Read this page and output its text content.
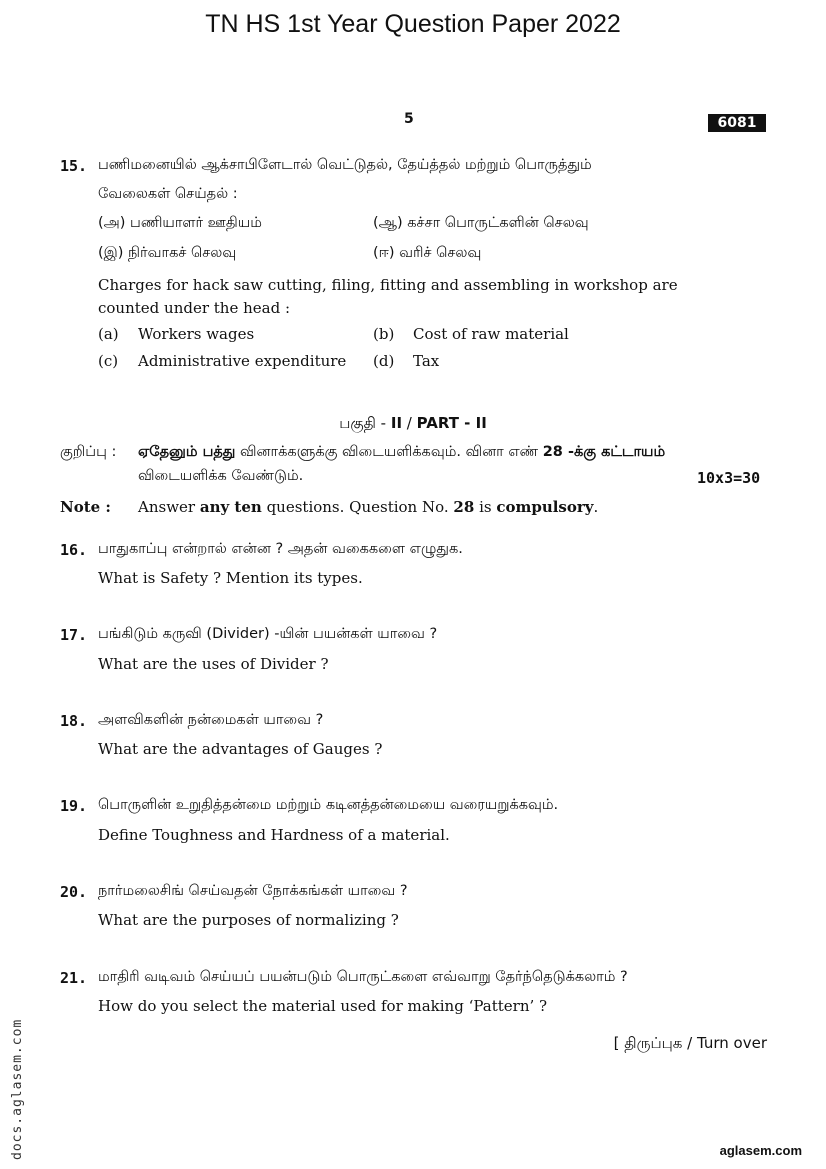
TN HS 1st Year Question Paper 2022
5	6081
15. பணிமனையில் ஆக்சாபிளேடால் வெட்டுதல், தேய்த்தல் மற்றும் பொருத்தும்
வேலைகள் செய்தல் :
(அ) பணியாளர் ஊதியம்	(ஆ) கச்சா பொருட்களின் செலவு
(இ) நிர்வாகச் செலவு	(ஈ) வரிச் செலவு
Charges for hack saw cutting, filing, fitting and assembling in workshop are
counted under the head :
(a) Workers wages	(b) Cost of raw material
(c) Administrative expenditure (d) Tax
பகுதி - II / PART - II
குறிப்பு : ஏதேனும் பத்து வினாக்களுக்கு விடையளிக்கவும். வினா எண் 28 -க்கு கட்டாயம்
விடையளிக்க வேண்டும்.	10x3=30
Note : Answer any ten questions. Question No. 28 is compulsory.
16. பாதுகாப்பு என்றால் என்ன ? அதன் வகைகளை எழுதுக.
What is Safety ? Mention its types.
17. பங்கிடும் கருவி (Divider) -யின் பயன்கள் யாவை ?
What are the uses of Divider ?
18. அளவிகளின் நன்மைகள் யாவை ?
What are the advantages of Gauges ?
19. பொருளின் உறுதித்தன்மை மற்றும் கடினத்தன்மையை வரையறுக்கவும்.
Define Toughness and Hardness of a material.
20. நார்மலைசிங் செய்வதன் நோக்கங்கள் யாவை ?
What are the purposes of normalizing ?
21. மாதிரி வடிவம் செய்யப் பயன்படும் பொருட்களை எவ்வாறு தேர்ந்தெடுக்கலாம் ?
How do you select the material used for making ‘Pattern’ ?
[ திருப்புக / Turn over
docs.aglasem.com	aglasem.com
